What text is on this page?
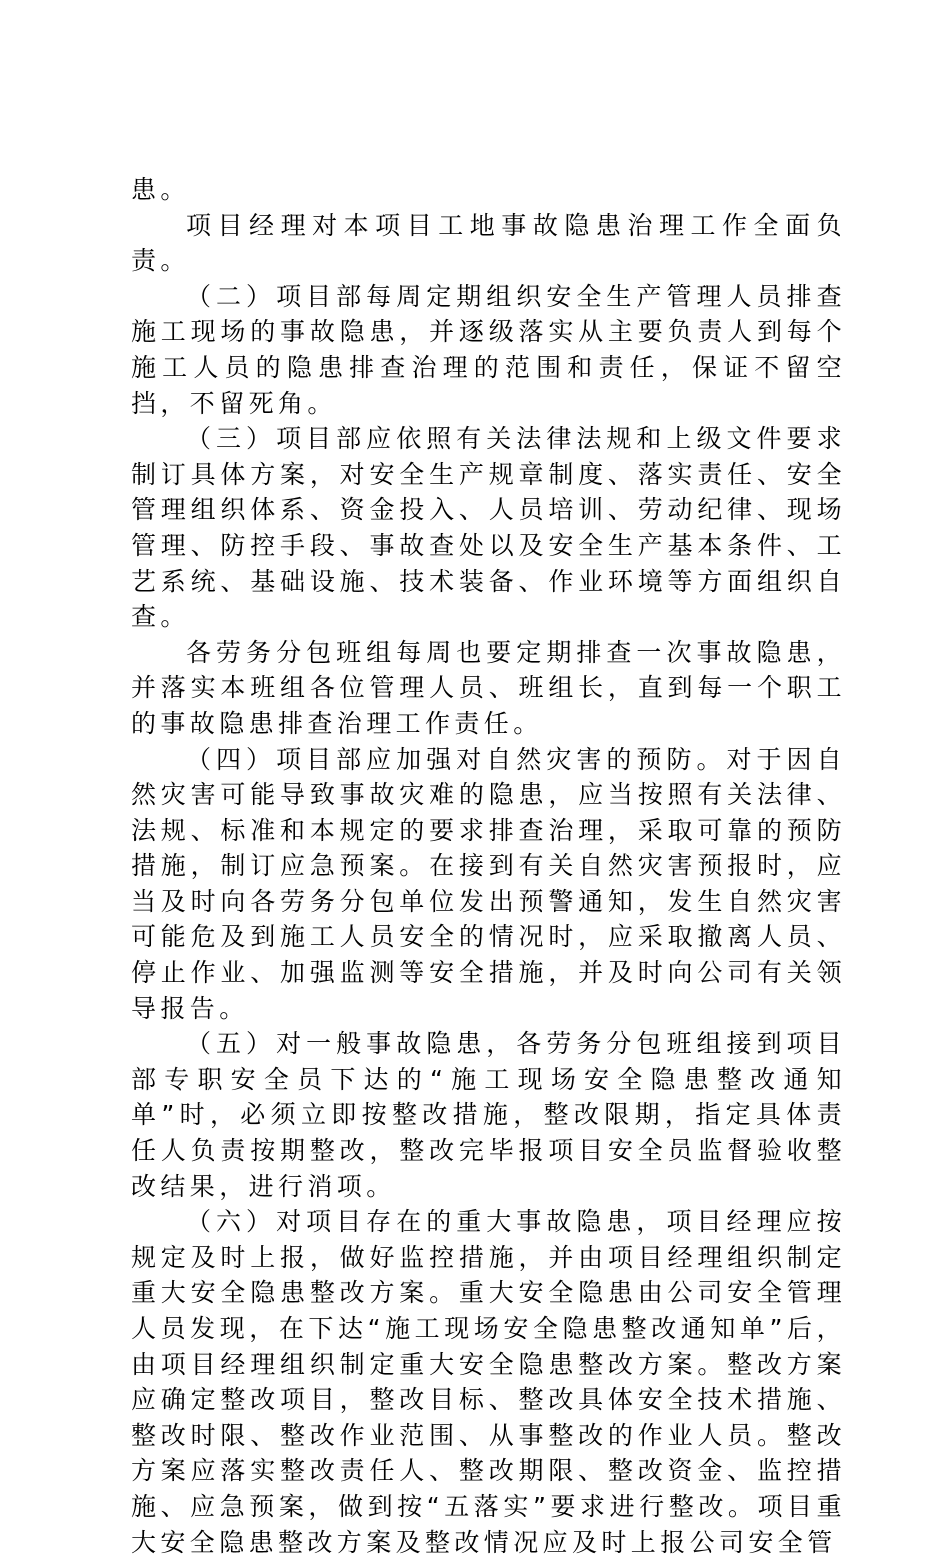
患。

项目经理对本项目工地事故隐患治理工作全面负责。

（二）项目部每周定期组织安全生产管理人员排查施工现场的事故隐患，并逐级落实从主要负责人到每个施工人员的隐患排查治理的范围和责任，保证不留空挡，不留死角。

（三）项目部应依照有关法律法规和上级文件要求制订具体方案，对安全生产规章制度、落实责任、安全管理组织体系、资金投入、人员培训、劳动纪律、现场管理、防控手段、事故查处以及安全生产基本条件、工艺系统、基础设施、技术装备、作业环境等方面组织自查。

各劳务分包班组每周也要定期排查一次事故隐患，并落实本班组各位管理人员、班组长，直到每一个职工的事故隐患排查治理工作责任。

（四）项目部应加强对自然灾害的预防。对于因自然灾害可能导致事故灾难的隐患，应当按照有关法律、法规、标准和本规定的要求排查治理，采取可靠的预防措施，制订应急预案。在接到有关自然灾害预报时，应当及时向各劳务分包单位发出预警通知，发生自然灾害可能危及到施工人员安全的情况时，应采取撤离人员、停止作业、加强监测等安全措施，并及时向公司有关领导报告。

（五）对一般事故隐患，各劳务分包班组接到项目部专职安全员下达的“施工现场安全隐患整改通知单”时，必须立即按整改措施，整改限期，指定具体责任人负责按期整改，整改完毕报项目安全员监督验收整改结果，进行消项。

（六）对项目存在的重大事故隐患，项目经理应按规定及时上报，做好监控措施，并由项目经理组织制定重大安全隐患整改方案。重大安全隐患由公司安全管理人员发现，在下达“施工现场安全隐患整改通知单”后，由项目经理组织制定重大安全隐患整改方案。整改方案应确定整改项目，整改目标、整改具体安全技术措施、整改时限、整改作业范围、从事整改的作业人员。整改方案应落实整改责任人、整改期限、整改资金、监控措施、应急预案，做到按“五落实”要求进行整改。项目重大安全隐患整改方案及整改情况应及时上报公司安全管
